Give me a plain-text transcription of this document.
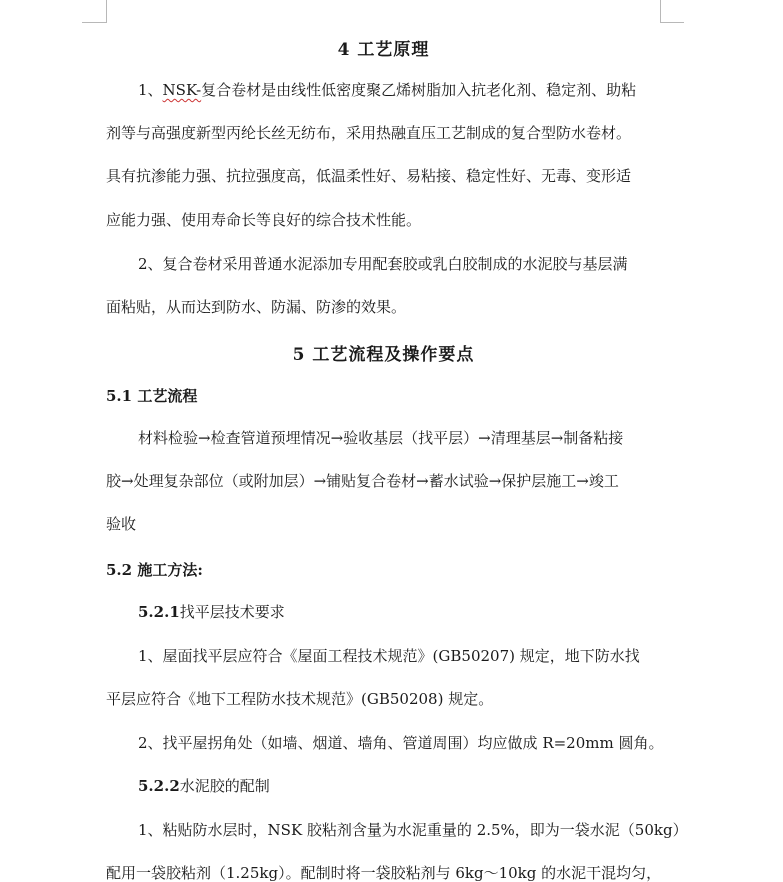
4 工艺原理
1、NSK-复合卷材是由线性低密度聚乙烯树脂加入抗老化剂、稳定剂、助粘
剂等与高强度新型丙纶长丝无纺布，采用热融直压工艺制成的复合型防水卷材。
具有抗渗能力强、抗拉强度高，低温柔性好、易粘接、稳定性好、无毒、变形适
应能力强、使用寿命长等良好的综合技术性能。
2、复合卷材采用普通水泥添加专用配套胶或乳白胶制成的水泥胶与基层满
面粘贴，从而达到防水、防漏、防渗的效果。
5 工艺流程及操作要点
5.1 工艺流程
材料检验→检查管道预埋情况→验收基层（找平层）→清理基层→制备粘接
胶→处理复杂部位（或附加层）→铺贴复合卷材→蓄水试验→保护层施工→竣工
验收
5.2 施工方法:
5.2.1找平层技术要求
1、屋面找平层应符合《屋面工程技术规范》(GB50207) 规定，地下防水找
平层应符合《地下工程防水技术规范》(GB50208) 规定。
2、找平屋拐角处（如墙、烟道、墙角、管道周围）均应做成 R=20mm 圆角。
5.2.2水泥胶的配制
1、粘贴防水层时，NSK 胶粘剂含量为水泥重量的 2.5%，即为一袋水泥（50kg）
配用一袋胶粘剂（1.25kg）。配制时将一袋胶粘剂与 6kg～10kg 的水泥干混均匀，
